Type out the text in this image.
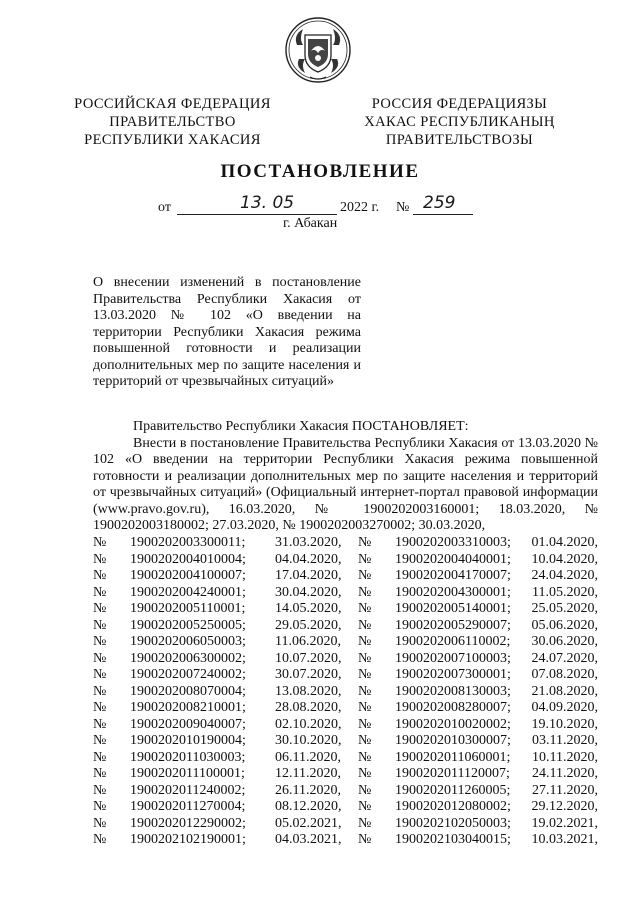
РОССИЙСКАЯ ФЕДЕРАЦИЯ
ПРАВИТЕЛЬСТВО
РЕСПУБЛИКИ ХАКАСИЯ
РОССИЯ ФЕДЕРАЦИЯЗЫ
ХАКАС РЕСПУБЛИКАНЫҢ
ПРАВИТЕЛЬСТВОЗЫ
ПОСТАНОВЛЕНИЕ
от	13. 05	2022 г. № 259
г. Абакан

О внесении изменений в постановление Правительства Республики Хакасия от 13.03.2020 № 102 «О введении на территории Республики Хакасия режима повышенной готовности и реализации дополнительных мер по защите населения и территорий от чрезвычайных ситуаций»

Правительство Республики Хакасия ПОСТАНОВЛЯЕТ:

Внести в постановление Правительства Республики Хакасия от 13.03.2020 № 102 «О введении на территории Республики Хакасия режима повышенной готовности и реализации дополнительных мер по защите населения и территорий от чрезвычайных ситуаций» (Официальный интернет-портал правовой информации (www.pravo.gov.ru), 16.03.2020, № 1900202003160001; 18.03.2020, № 1900202003180002; 27.03.2020, № 1900202003270002; 30.03.2020,

№ 1900202003300011; 31.03.2020, № 1900202003310003; 01.04.2020,
№ 1900202004010004; 04.04.2020, № 1900202004040001; 10.04.2020,
№ 1900202004100007; 17.04.2020, № 1900202004170007; 24.04.2020,
№ 1900202004240001; 30.04.2020, № 1900202004300001; 11.05.2020,
№ 1900202005110001; 14.05.2020, № 1900202005140001; 25.05.2020,
№ 1900202005250005; 29.05.2020, № 1900202005290007; 05.06.2020,
№ 1900202006050003; 11.06.2020, № 1900202006110002; 30.06.2020,
№ 1900202006300002; 10.07.2020, № 1900202007100003; 24.07.2020,
№ 1900202007240002; 30.07.2020, № 1900202007300001; 07.08.2020,
№ 1900202008070004; 13.08.2020, № 1900202008130003; 21.08.2020,
№ 1900202008210001; 28.08.2020, № 1900202008280007; 04.09.2020,
№ 1900202009040007; 02.10.2020, № 1900202010020002; 19.10.2020,
№ 1900202010190004; 30.10.2020, № 1900202010300007; 03.11.2020,
№ 1900202011030003; 06.11.2020, № 1900202011060001; 10.11.2020,
№ 1900202011100001; 12.11.2020, № 1900202011120007; 24.11.2020,
№ 1900202011240002; 26.11.2020, № 1900202011260005; 27.11.2020,
№ 1900202011270004; 08.12.2020, № 1900202012080002; 29.12.2020,
№ 1900202012290002; 05.02.2021, № 1900202102050003; 19.02.2021,
№ 1900202102190001; 04.03.2021, № 1900202103040015; 10.03.2021,
